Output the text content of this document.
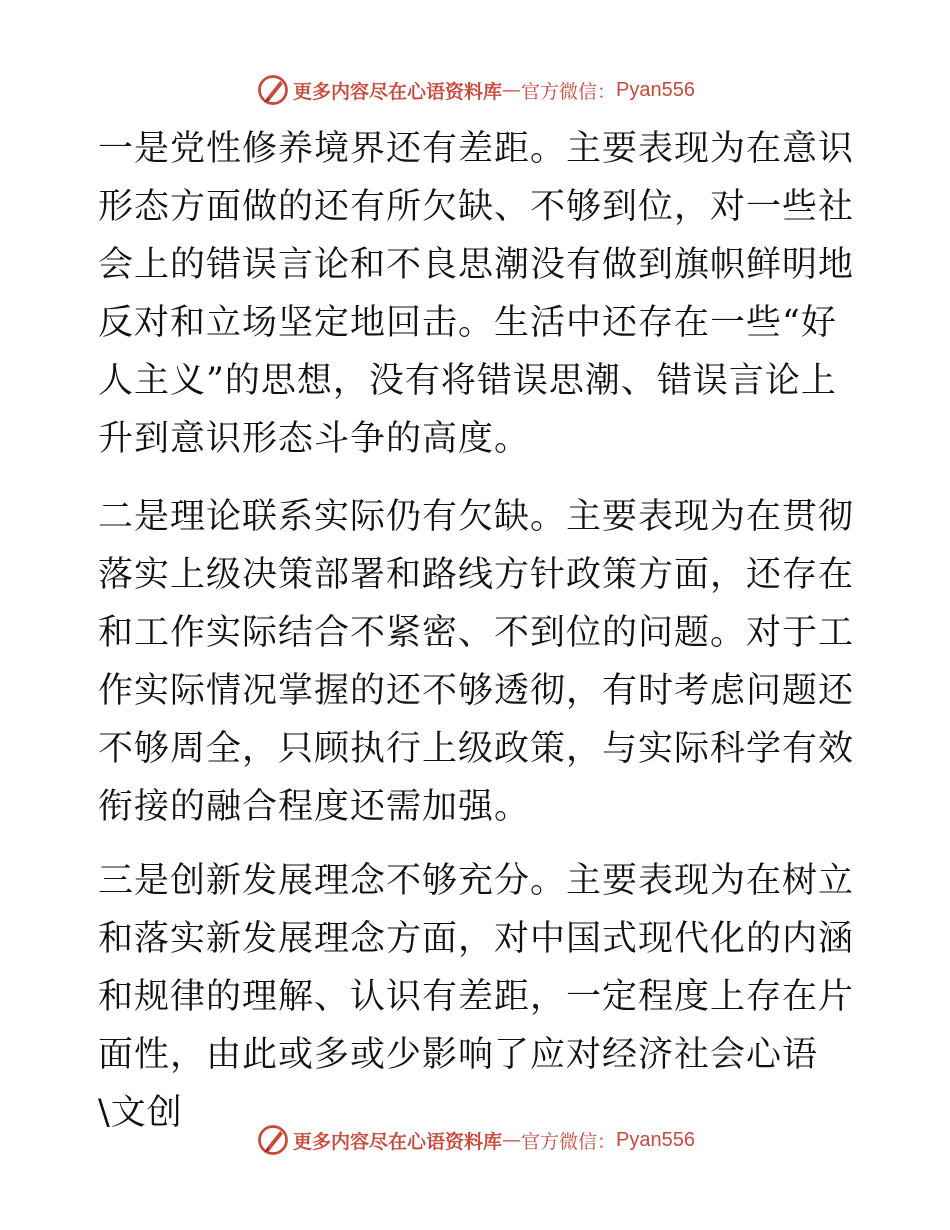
更多内容尽在心语资料库 — 官方微信： Pyan556

一是党性修养境界还有差距。主要表现为在意识形态方面做的还有所欠缺、不够到位，对一些社会上的错误言论和不良思潮没有做到旗帜鲜明地反对和立场坚定地回击。生活中还存在一些“好人主义”的思想，没有将错误思潮、错误言论上升到意识形态斗争的高度。

二是理论联系实际仍有欠缺。主要表现为在贯彻落实上级决策部署和路线方针政策方面，还存在和工作实际结合不紧密、不到位的问题。对于工作实际情况掌握的还不够透彻，有时考虑问题还不够周全，只顾执行上级政策，与实际科学有效衔接的融合程度还需加强。

三是创新发展理念不够充分。主要表现为在树立和落实新发展理念方面，对中国式现代化的内涵和规律的理解、认识有差距，一定程度上存在片面性，由此或多或少影响了应对经济社会心语\文创

更多内容尽在心语资料库 — 官方微信： Pyan556
